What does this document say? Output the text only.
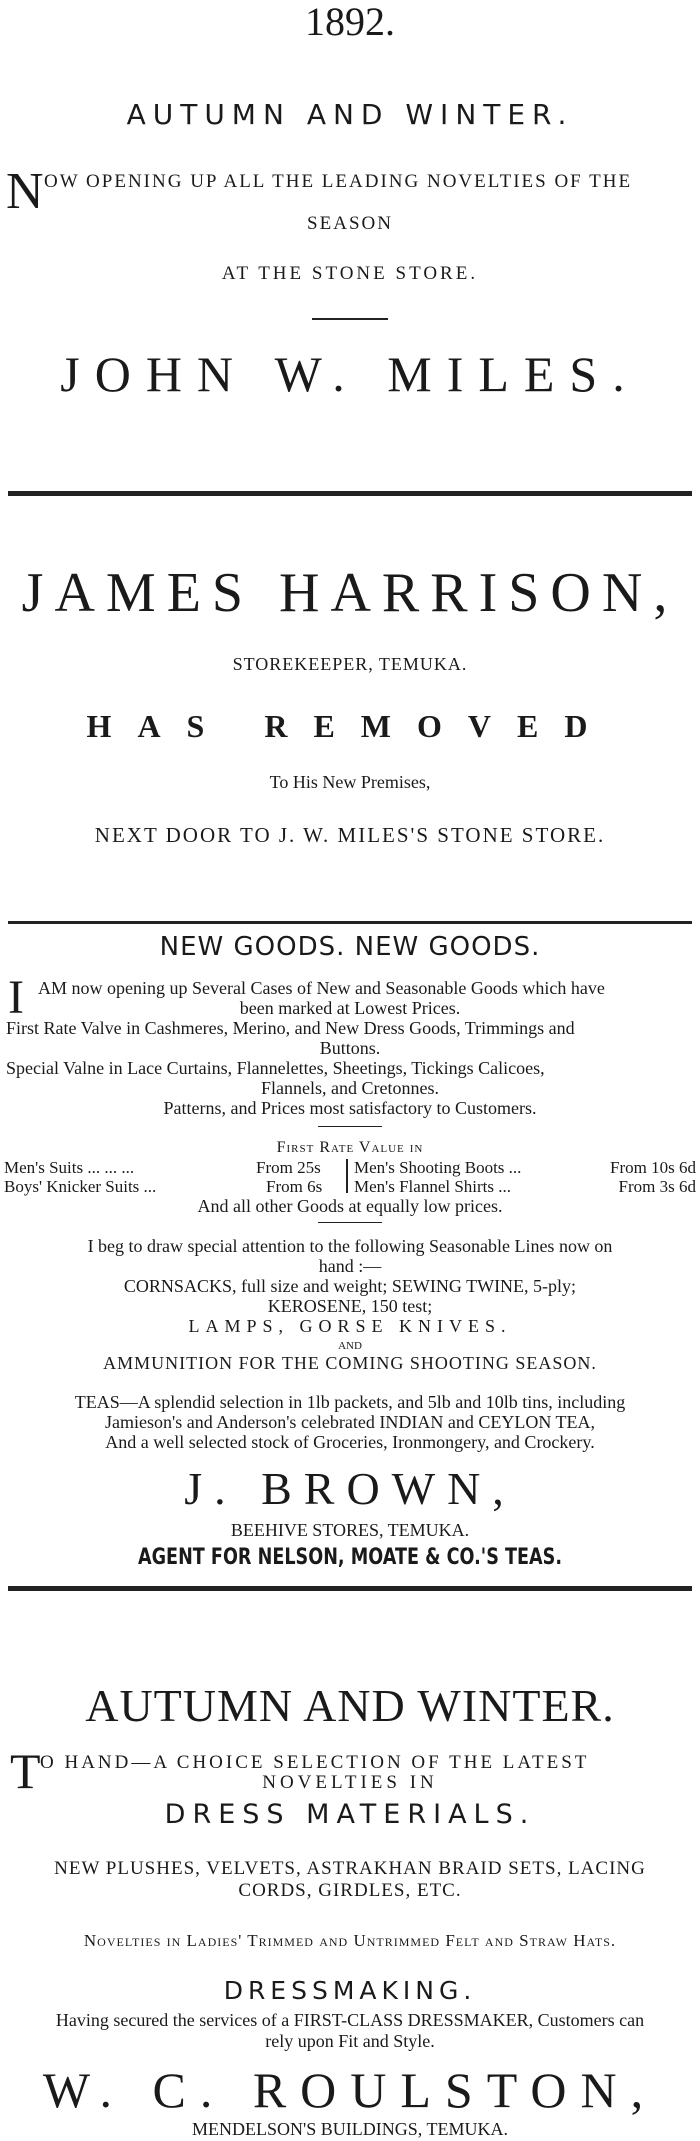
1892.
AUTUMN AND WINTER.
N OW OPENING UP ALL THE LEADING NOVELTIES OF THE
SEASON
AT THE STONE STORE.
JOHN W. MILES.
JAMES HARRISON,
STOREKEEPER, TEMUKA.
HAS REMOVED
To His New Premises,
NEXT DOOR TO J. W. MILES'S STONE STORE.
NEW GOODS. NEW GOODS.
I AM now opening up Several Cases of New and Seasonable Goods which have
been marked at Lowest Prices.
First Rate Valve in Cashmeres, Merino, and New Dress Goods, Trimmings and
Buttons.
Special Valne in Lace Curtains, Flannelettes, Sheetings, Tickings Calicoes,
Flannels, and Cretonnes.
Patterns, and Prices most satisfactory to Customers.
First Rate Value in
Men's Suits ... ... ...	From 25s Men's Shooting Boots ...	From 10s 6d
Boys' Knicker Suits ...	From 6s Men's Flannel Shirts ...	From 3s 6d
And all other Goods at equally low prices.
I beg to draw special attention to the following Seasonable Lines now on
hand :—
CORNSACKS, full size and weight; SEWING TWINE, 5-ply;
KEROSENE, 150 test;
LAMPS, GORSE KNIVES.
AND
AMMUNITION FOR THE COMING SHOOTING SEASON.
TEAS—A splendid selection in 1lb packets, and 5lb and 10lb tins, including
Jamieson's and Anderson's celebrated INDIAN and CEYLON TEA,
And a well selected stock of Groceries, Ironmongery, and Crockery.
J. BROWN,
BEEHIVE STORES, TEMUKA.
AGENT FOR NELSON, MOATE & CO.'S TEAS.
AUTUMN AND WINTER.
T O HAND—A CHOICE SELECTION OF THE LATEST
NOVELTIES IN
DRESS MATERIALS.
NEW PLUSHES, VELVETS, ASTRAKHAN BRAID SETS, LACING
CORDS, GIRDLES, ETC.
Novelties in Ladies' Trimmed and Untrimmed Felt and Straw Hats.
DRESSMAKING.
Having secured the services of a FIRST-CLASS DRESSMAKER, Customers can
rely upon Fit and Style.
W. C. ROULSTON,
MENDELSON'S BUILDINGS, TEMUKA.
